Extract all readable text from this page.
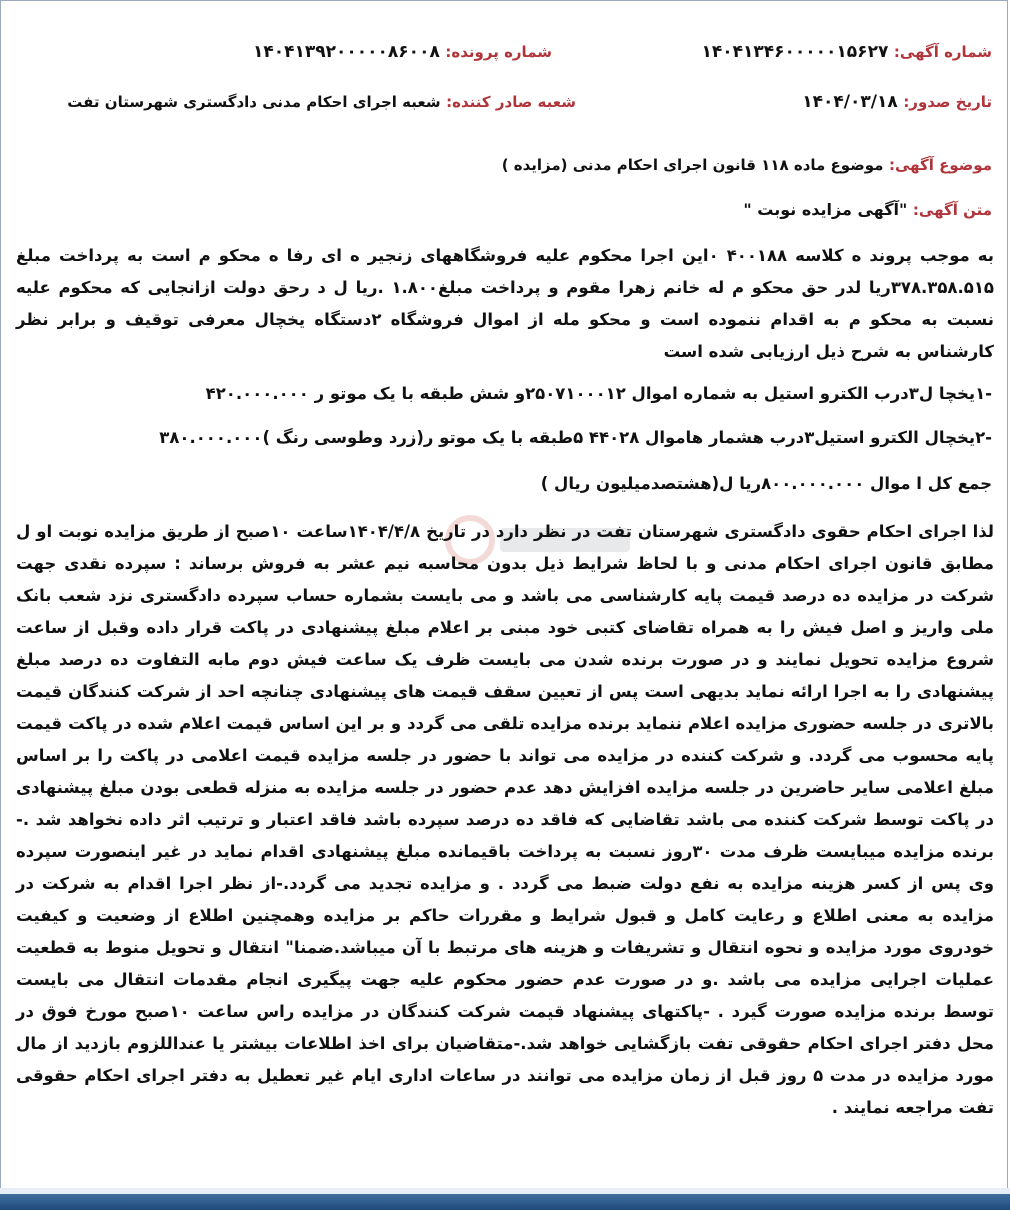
شماره آگهی: ۱۴۰۴۱۳۴۶۰۰۰۰۰۱۵۶۲۷
شماره پرونده: ۱۴۰۴۱۳۹۲۰۰۰۰۰۸۶۰۰۸
تاریخ صدور: ۱۴۰۴/۰۳/۱۸
شعبه صادر کننده: شعبه اجرای احکام مدنی دادگستری شهرستان تفت
موضوع آگهی: موضوع ماده ۱۱۸ قانون اجرای احکام مدنی (مزایده )
متن آگهی: "آگهی مزایده نوبت "
به موجب پروند ه کلاسه ۴۰۰۱۸۸ ۰این اجرا محکوم علیه فروشگاههای زنجیر ه ای رفا ه محکو م است به پرداخت مبلغ ۳۷۸.۳۵۸.۵۱۵ریا لدر حق محکو م له خانم زهرا مقوم و پرداخت مبلغ۱.۸۰۰ .ریا ل د رحق دولت ازانجایی که محکوم علیه نسبت به محکو م به اقدام ننموده است و محکو مله از اموال فروشگاه ۲دستگاه یخچال معرفی توقیف و برابر نظر کارشناس به شرح ذیل ارزیابی شده است
-۱یخچا ل۳درب الکترو استیل به شماره اموال ۲۵۰۷۱۰۰۰۱۲و شش طبقه با یک موتو ر ۴۲۰.۰۰۰.۰۰۰
-۲یخچال الکترو استیل۳درب هشمار هاموال ۴۴۰۲۸ ۵طبقه با یک موتو ر(زرد وطوسی رنگ )۳۸۰.۰۰۰.۰۰۰
جمع کل ا موال ۸۰۰.۰۰۰.۰۰۰ریا ل(هشتصدمیلیون ریال )
لذا اجرای احکام حقوی دادگستری شهرستان تفت در نظر دارد در تاریخ ۱۴۰۴/۴/۸ساعت ۱۰صبح از طریق مزایده نوبت او ل مطابق قانون اجرای احکام مدنی و با لحاظ شرایط ذیل بدون محاسبه نیم عشر به فروش برساند : سپرده نقدی جهت شرکت در مزایده ده درصد قیمت پایه کارشناسی می باشد و می بایست بشماره حساب سپرده دادگستری نزد شعب بانک ملی واریز و اصل فیش را به همراه تقاضای کتبی خود مبنی بر اعلام مبلغ پیشنهادی در پاکت قرار داده وقبل از ساعت شروع مزایده تحویل نمایند و در صورت برنده شدن می بایست ظرف یک ساعت فیش دوم مابه التفاوت ده درصد مبلغ پیشنهادی را به اجرا ارائه نماید بدیهی است پس از تعیین سقف قیمت های پیشنهادی چنانچه احد از شرکت کنندگان قیمت بالاتری در جلسه حضوری مزایده اعلام ننماید برنده مزایده تلقی می گردد و بر این اساس قیمت اعلام شده در پاکت قیمت پایه محسوب می گردد. و شرکت کننده در مزایده می تواند با حضور در جلسه مزایده قیمت اعلامی در پاکت را بر اساس مبلغ اعلامی سایر حاضرین در جلسه مزایده افزایش دهد عدم حضور در جلسه مزایده به منزله قطعی بودن مبلغ پیشنهادی در پاکت توسط شرکت کننده می باشد تقاضایی که فاقد ده درصد سپرده باشد فاقد اعتبار و ترتیب اثر داده نخواهد شد .-برنده مزایده میبایست ظرف مدت ۳۰روز نسبت به پرداخت باقیمانده مبلغ پیشنهادی اقدام نماید در غیر اینصورت سپرده وی پس از کسر هزینه مزایده به نفع دولت ضبط می گردد . و مزایده تجدید می گردد.-از نظر اجرا اقدام به شرکت در مزایده به معنی اطلاع و رعایت کامل و قبول شرایط و مقررات حاکم بر مزایده وهمچنین اطلاع از وضعیت و کیفیت خودروی مورد مزایده و نحوه انتقال و تشریفات و هزینه های مرتبط با آن میباشد.ضمنا" انتقال و تحویل منوط به قطعیت عملیات اجرایی مزایده می باشد .و در صورت عدم حضور محکوم علیه جهت پیگیری انجام مقدمات انتقال می بایست توسط برنده مزایده صورت گیرد . -پاکتهای پیشنهاد قیمت شرکت کنندگان در مزایده راس ساعت ۱۰صبح مورخ فوق در محل دفتر اجرای احکام حقوقی تفت بازگشایی خواهد شد.-متقاضیان برای اخذ اطلاعات بیشتر یا عنداللزوم بازدید از مال مورد مزایده در مدت ۵ روز قبل از زمان مزایده می توانند در ساعات اداری ایام غیر تعطیل به دفتر اجرای احکام حقوقی تفت مراجعه نمایند .
